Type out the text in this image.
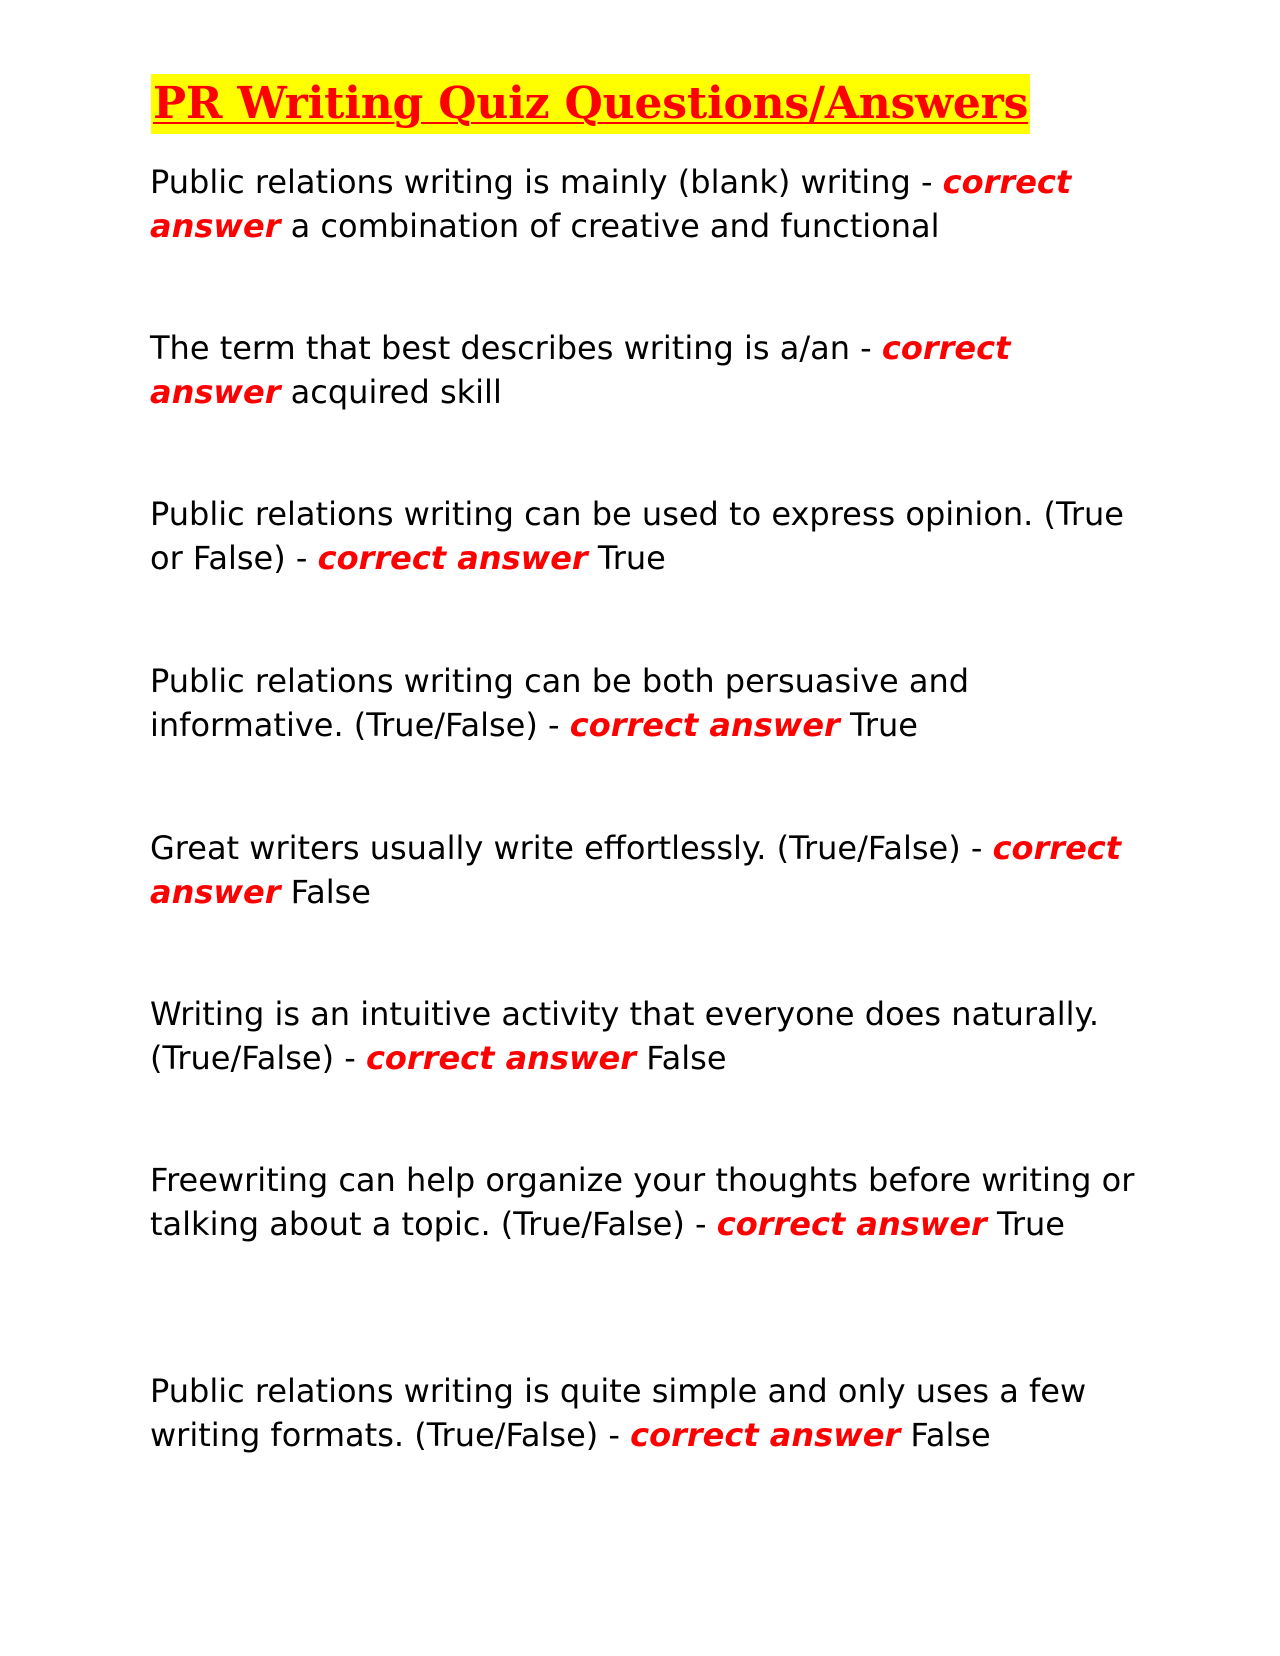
PR Writing Quiz Questions/Answers

Public relations writing is mainly (blank) writing - correct answer a combination of creative and functional

The term that best describes writing is a/an - correct answer acquired skill

Public relations writing can be used to express opinion. (True or False) - correct answer True

Public relations writing can be both persuasive and informative. (True/False) - correct answer True

Great writers usually write effortlessly. (True/False) - correct answer False

Writing is an intuitive activity that everyone does naturally.(True/False) - correct answer False

Freewriting can help organize your thoughts before writing or talking about a topic. (True/False) - correct answer True

Public relations writing is quite simple and only uses a few writing formats. (True/False) - correct answer False
